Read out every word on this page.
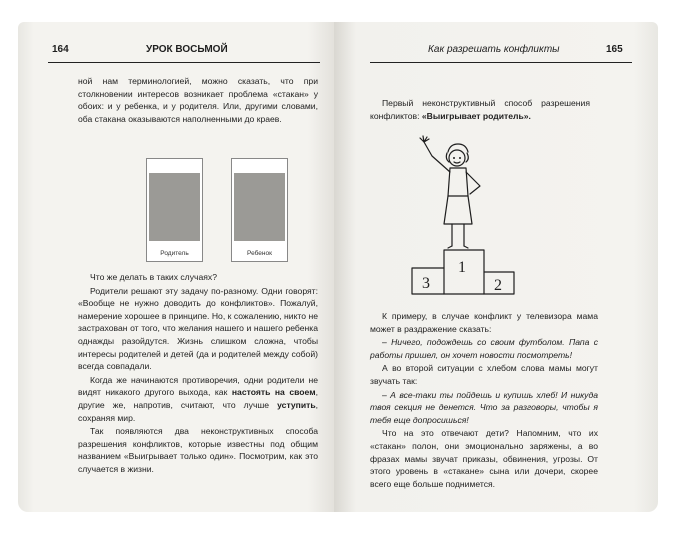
164	УРОК ВОСЬМОЙ

ной нам терминологией, можно сказать, что при столкновении интересов возникает проблема «стакан» у обоих: и у ребенка, и у родителя. Или, другими словами, оба стакана оказываются наполненными до краев.

Родитель	Ребенок

Что же делать в таких случаях?

Родители решают эту задачу по-разному. Одни говорят: «Вообще не нужно доводить до конфликтов». Пожалуй, намерение хорошее в принципе. Но, к сожалению, никто не застрахован от того, что желания нашего и нашего ребенка однажды разойдутся. Жизнь слишком сложна, чтобы интересы родителей и детей (да и родителей между собой) всегда совпадали.

Когда же начинаются противоречия, одни родители не видят никакого другого выхода, как настоять на своем, другие же, напротив, считают, что лучше уступить, сохраняя мир.

Так появляются два неконструктивных способа разрешения конфликтов, которые известны под общим названием «Выигрывает только один». Посмотрим, как это случается в жизни.

Как разрешать конфликты	165

Первый неконструктивный способ разрешения конфликтов: «Выигрывает родитель».

3
1
2

К примеру, в случае конфликт у телевизора мама может в раздражение сказать:

– Ничего, подождешь со своим футболом. Папа с работы пришел, он хочет новости посмотреть!

А во второй ситуации с хлебом слова мамы могут звучать так:

– А все-таки ты пойдешь и купишь хлеб! И никуда твоя секция не денется. Что за разговоры, чтобы я тебя еще допросишься!

Что на это отвечают дети? Напомним, что их «стакан» полон, они эмоционально заряжены, а во фразах мамы звучат приказы, обвинения, угрозы. От этого уровень в «стакане» сына или дочери, скорее всего еще больше поднимется.
